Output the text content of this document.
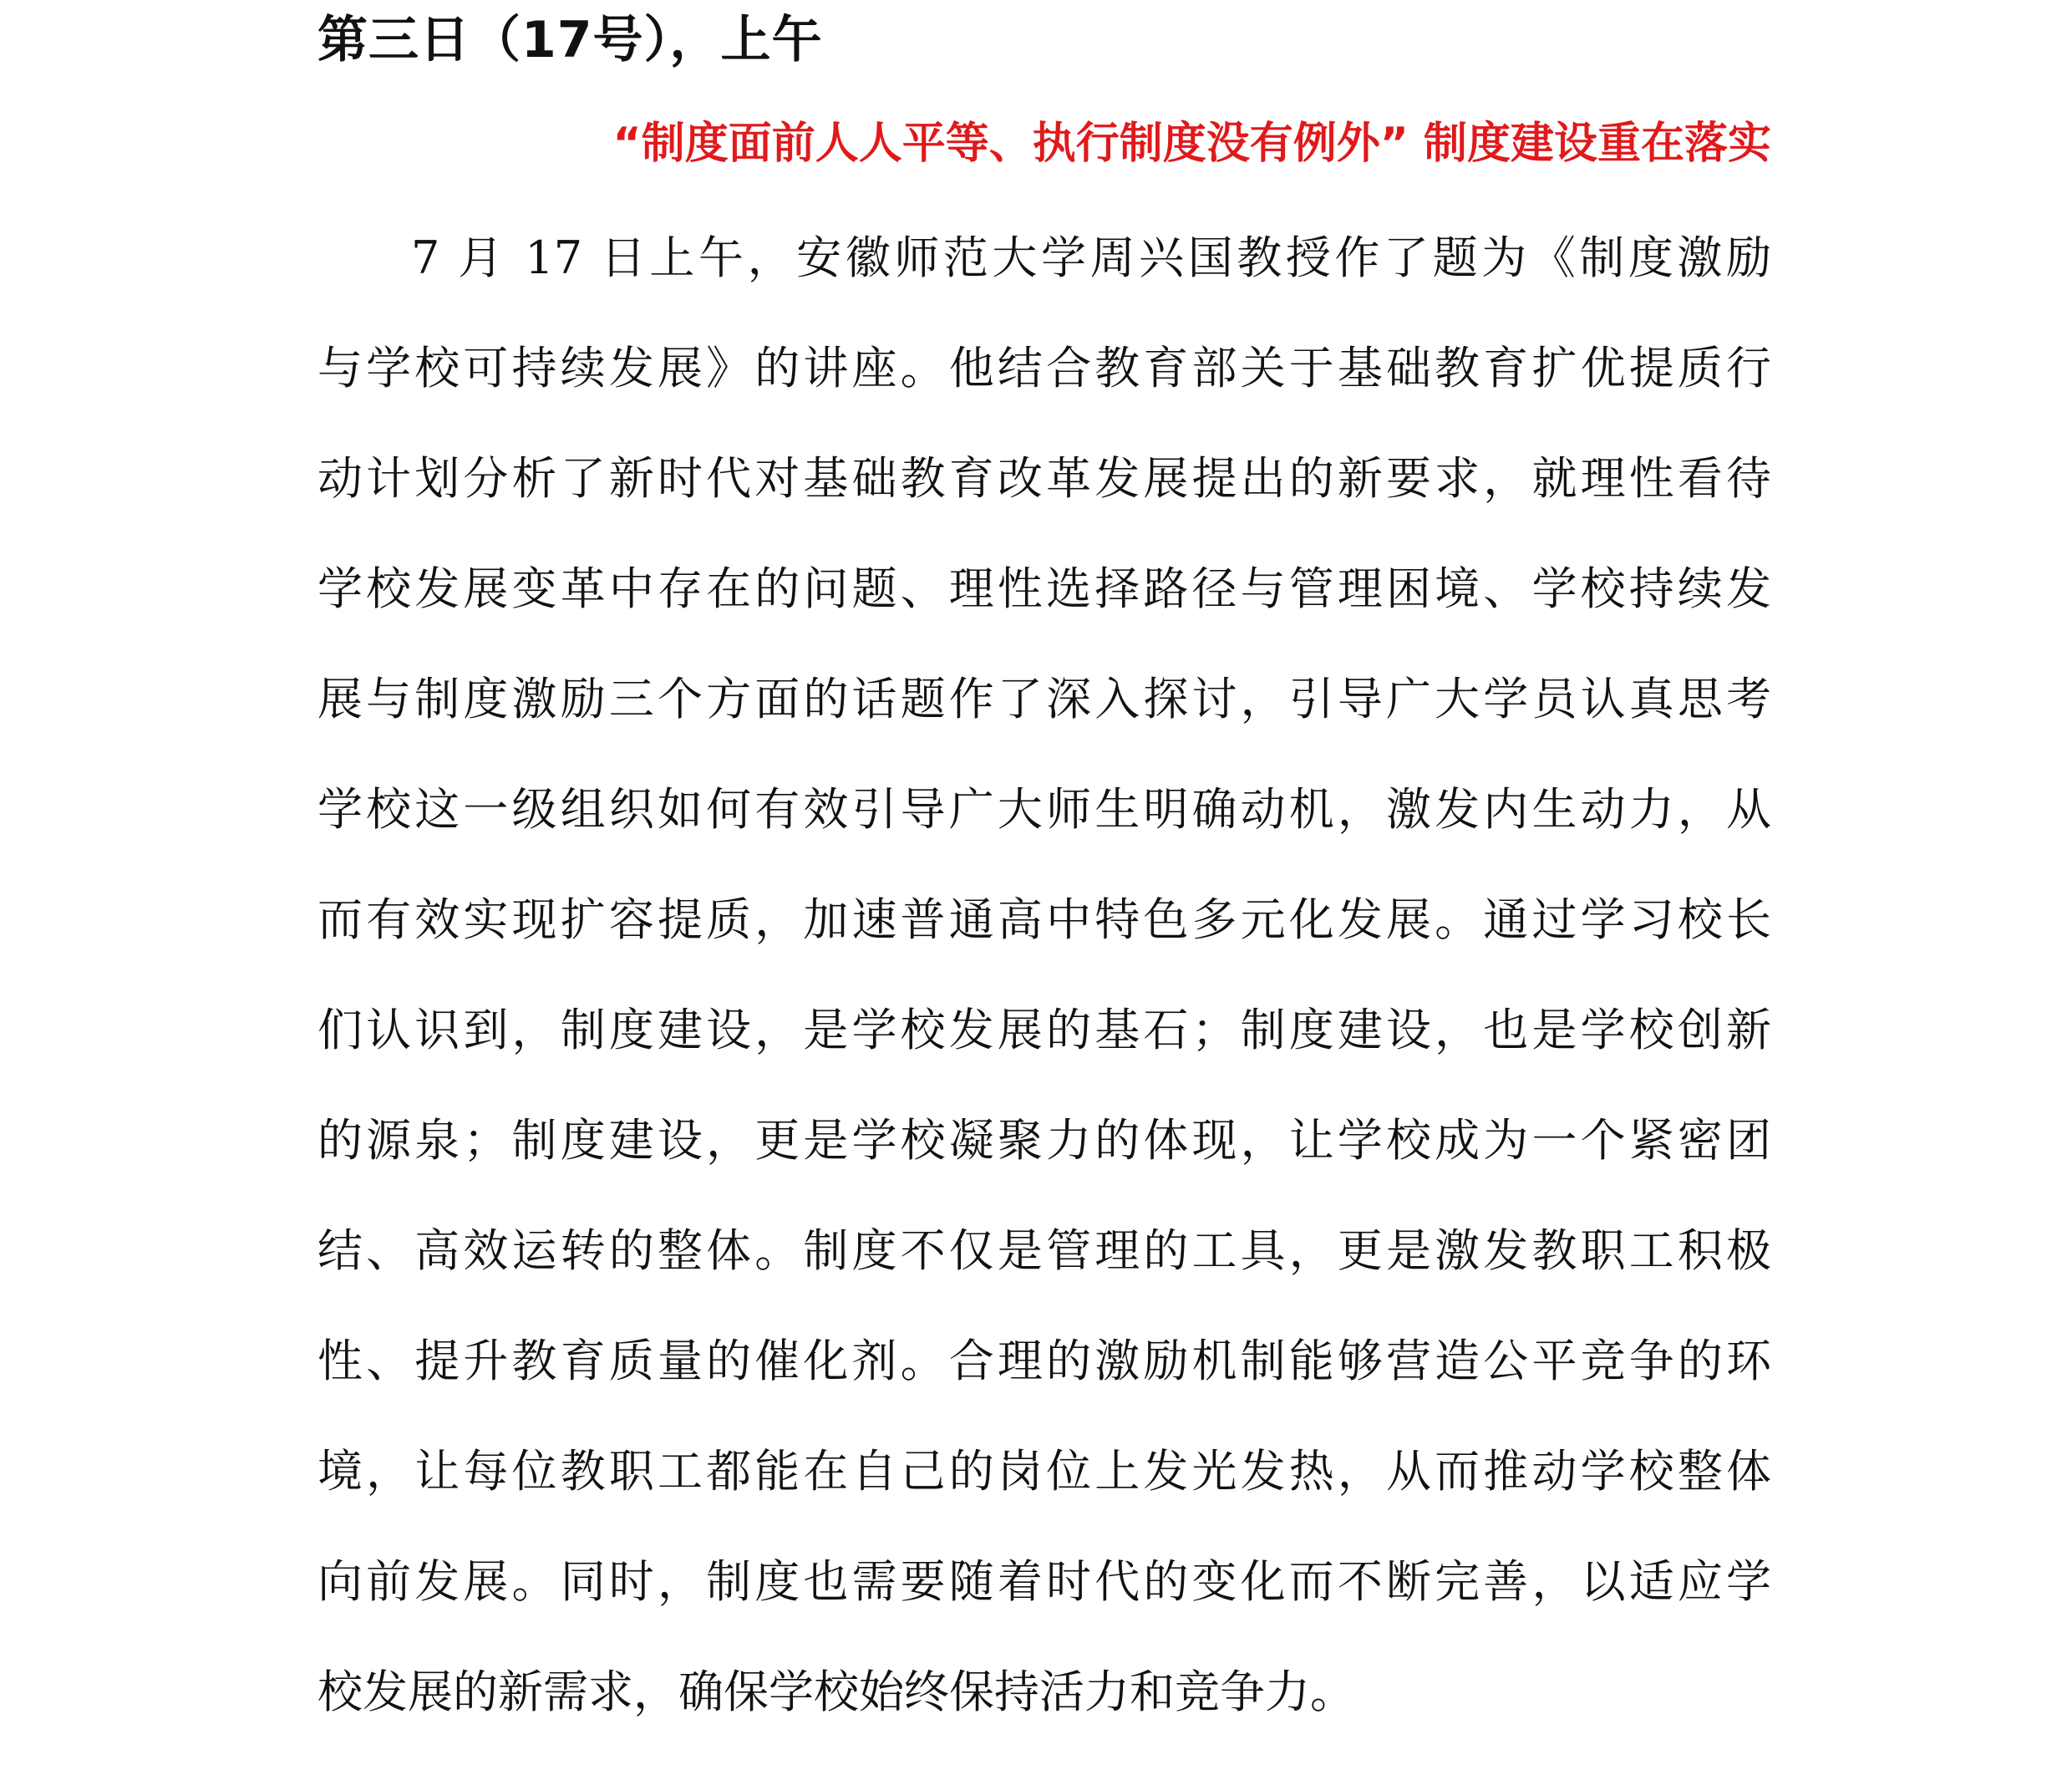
第三日（17号），上午
“制度面前人人平等、执行制度没有例外” 制度建设重在落实
7 月 17 日上午，安徽师范大学周兴国教授作了题为《制度激励
与学校可持续发展》的讲座。他结合教育部关于基础教育扩优提质行
动计划分析了新时代对基础教育改革发展提出的新要求，就理性看待
学校发展变革中存在的问题、理性选择路径与管理困境、学校持续发
展与制度激励三个方面的话题作了深入探讨，引导广大学员认真思考
学校这一级组织如何有效引导广大师生明确动机，激发内生动力，从
而有效实现扩容提质，加速普通高中特色多元化发展。通过学习校长
们认识到，制度建设，是学校发展的基石；制度建设，也是学校创新
的源泉；制度建设，更是学校凝聚力的体现，让学校成为一个紧密团
结、高效运转的整体。制度不仅是管理的工具，更是激发教职工积极
性、提升教育质量的催化剂。合理的激励机制能够营造公平竞争的环
境，让每位教职工都能在自己的岗位上发光发热，从而推动学校整体
向前发展。同时，制度也需要随着时代的变化而不断完善，以适应学
校发展的新需求，确保学校始终保持活力和竞争力。
